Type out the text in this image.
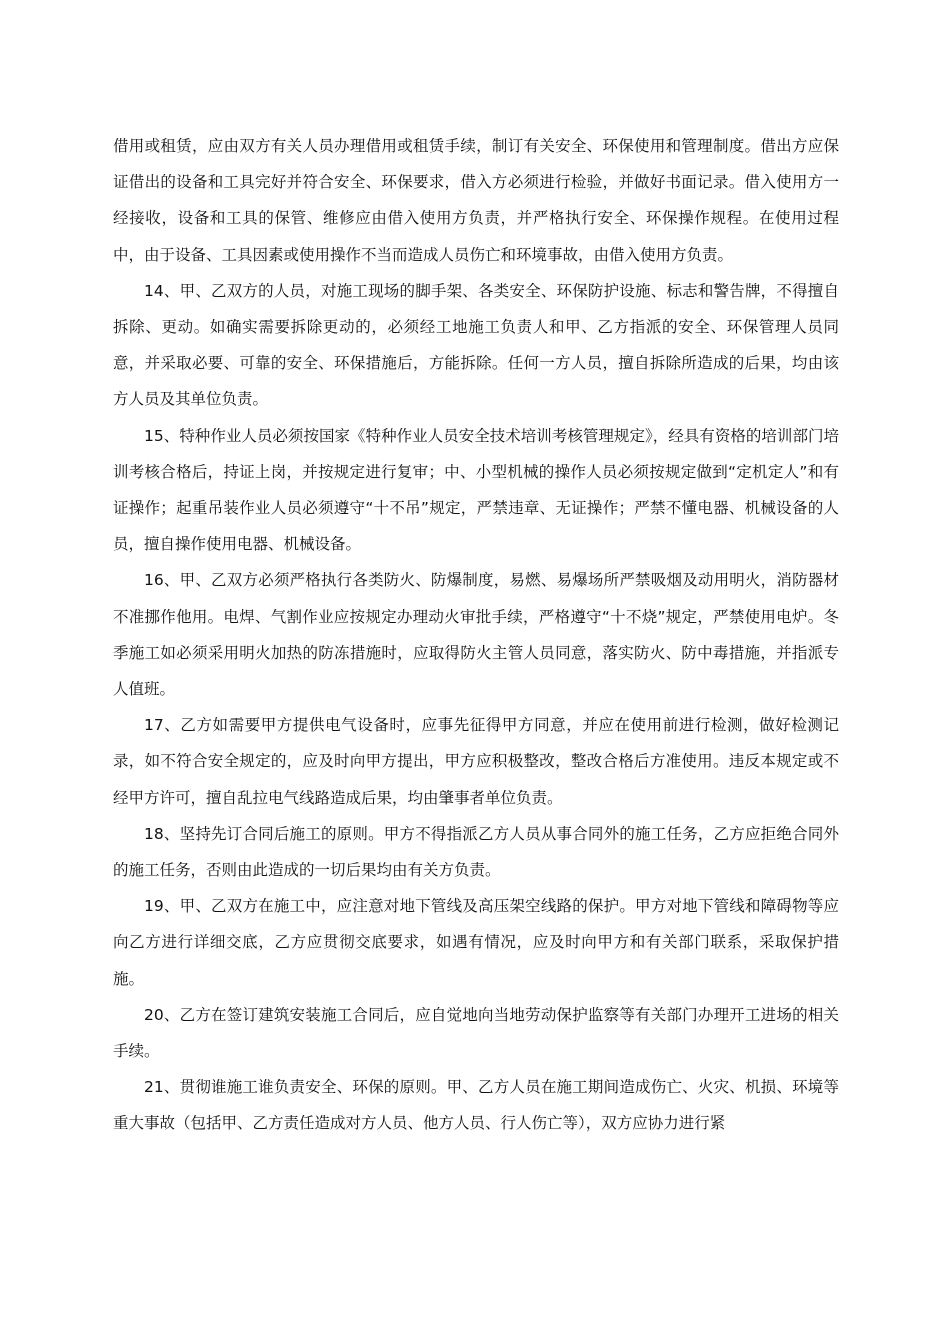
借用或租赁，应由双方有关人员办理借用或租赁手续，制订有关安全、环保使用和管理制度。借出方应保证借出的设备和工具完好并符合安全、环保要求，借入方必须进行检验，并做好书面记录。借入使用方一经接收，设备和工具的保管、维修应由借入使用方负责，并严格执行安全、环保操作规程。在使用过程中，由于设备、工具因素或使用操作不当而造成人员伤亡和环境事故，由借入使用方负责。

14、甲、乙双方的人员，对施工现场的脚手架、各类安全、环保防护设施、标志和警告牌，不得擅自拆除、更动。如确实需要拆除更动的，必须经工地施工负责人和甲、乙方指派的安全、环保管理人员同意，并采取必要、可靠的安全、环保措施后，方能拆除。任何一方人员，擅自拆除所造成的后果，均由该方人员及其单位负责。

15、特种作业人员必须按国家《特种作业人员安全技术培训考核管理规定》，经具有资格的培训部门培训考核合格后，持证上岗，并按规定进行复审；中、小型机械的操作人员必须按规定做到“定机定人”和有证操作；起重吊装作业人员必须遵守“十不吊”规定，严禁违章、无证操作；严禁不懂电器、机械设备的人员，擅自操作使用电器、机械设备。

16、甲、乙双方必须严格执行各类防火、防爆制度，易燃、易爆场所严禁吸烟及动用明火，消防器材不准挪作他用。电焊、气割作业应按规定办理动火审批手续，严格遵守“十不烧”规定，严禁使用电炉。冬季施工如必须采用明火加热的防冻措施时，应取得防火主管人员同意，落实防火、防中毒措施，并指派专人值班。

17、乙方如需要甲方提供电气设备时，应事先征得甲方同意，并应在使用前进行检测，做好检测记录，如不符合安全规定的，应及时向甲方提出，甲方应积极整改，整改合格后方准使用。违反本规定或不经甲方许可，擅自乱拉电气线路造成后果，均由肇事者单位负责。

18、坚持先订合同后施工的原则。甲方不得指派乙方人员从事合同外的施工任务，乙方应拒绝合同外的施工任务，否则由此造成的一切后果均由有关方负责。

19、甲、乙双方在施工中，应注意对地下管线及高压架空线路的保护。甲方对地下管线和障碍物等应向乙方进行详细交底，乙方应贯彻交底要求，如遇有情况，应及时向甲方和有关部门联系，采取保护措施。

20、乙方在签订建筑安装施工合同后，应自觉地向当地劳动保护监察等有关部门办理开工进场的相关手续。

21、贯彻谁施工谁负责安全、环保的原则。甲、乙方人员在施工期间造成伤亡、火灾、机损、环境等重大事故（包括甲、乙方责任造成对方人员、他方人员、行人伤亡等），双方应协力进行紧
